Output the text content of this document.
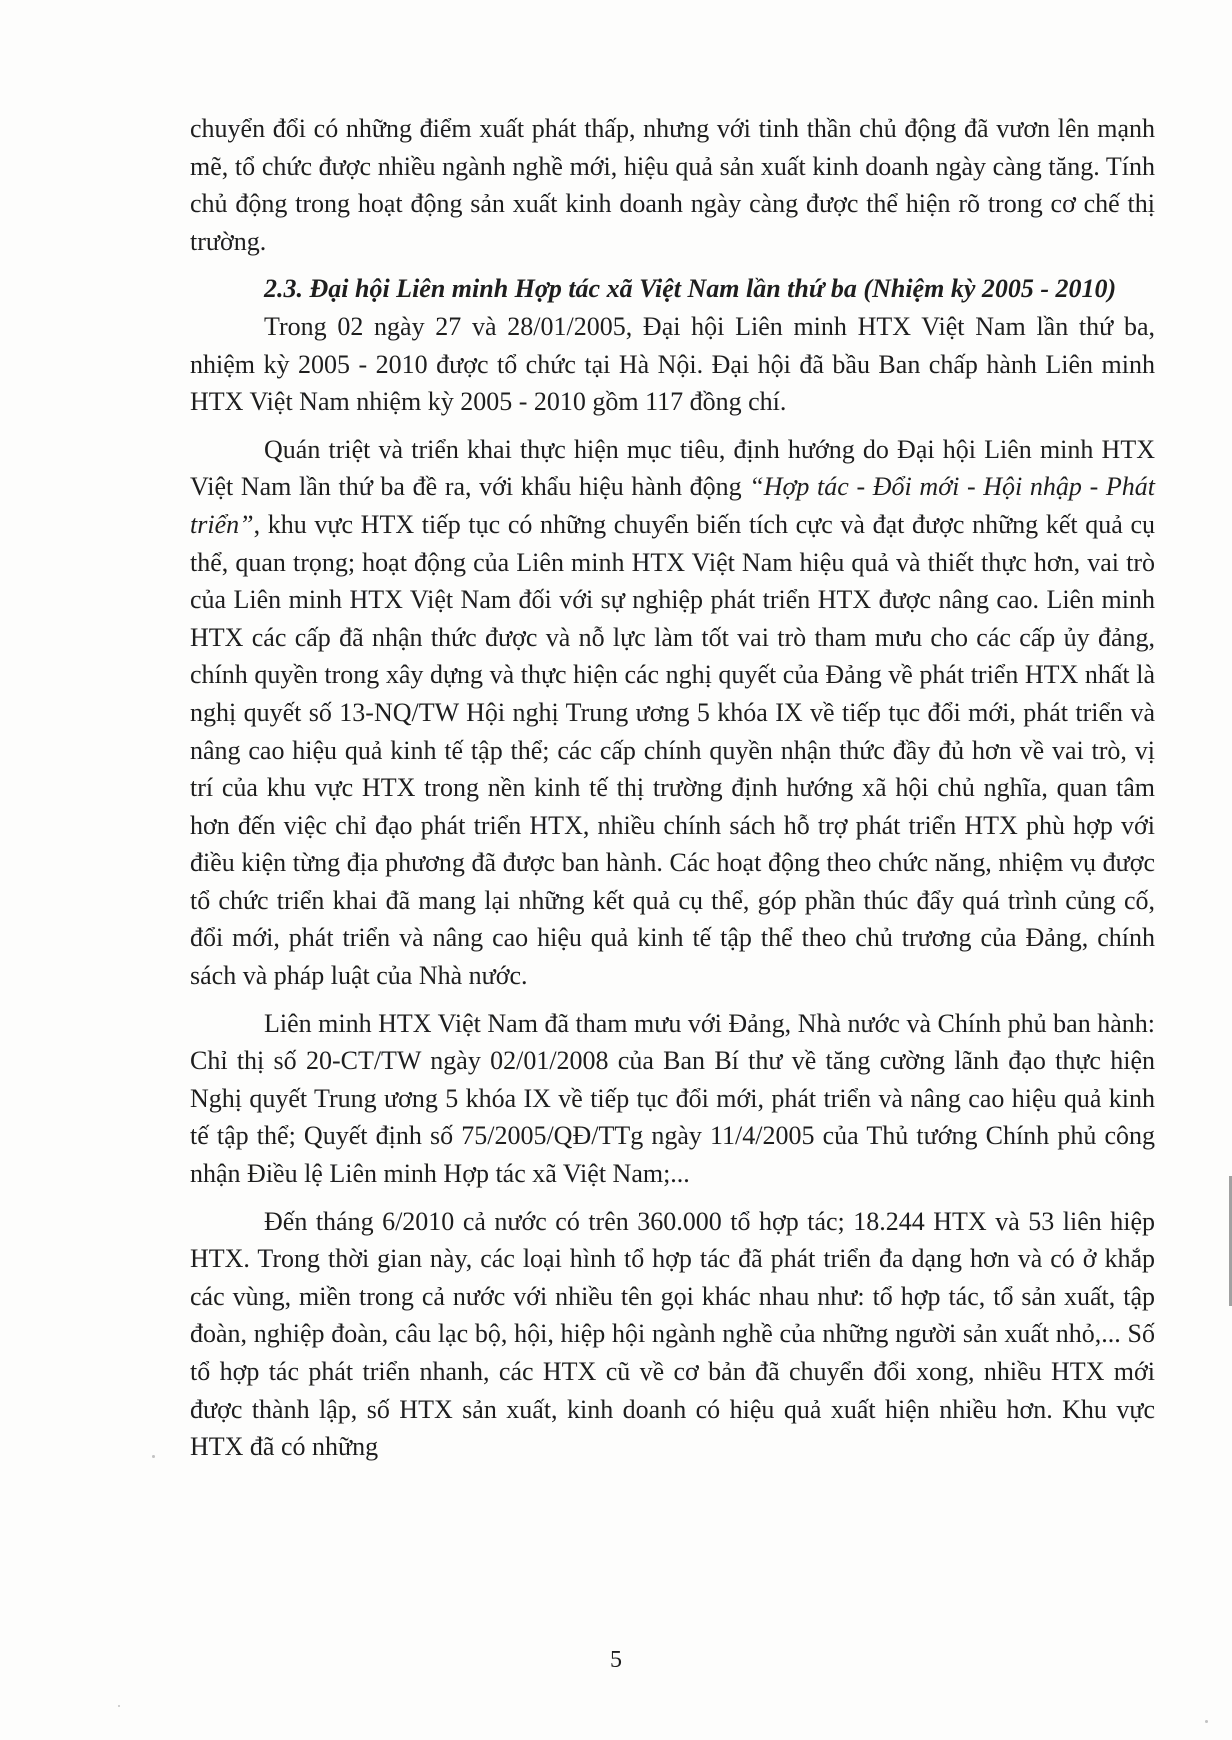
chuyển đổi có những điểm xuất phát thấp, nhưng với tinh thần chủ động đã vươn lên mạnh mẽ, tổ chức được nhiều ngành nghề mới, hiệu quả sản xuất kinh doanh ngày càng tăng. Tính chủ động trong hoạt động sản xuất kinh doanh ngày càng được thể hiện rõ trong cơ chế thị trường.

2.3. Đại hội Liên minh Hợp tác xã Việt Nam lần thứ ba (Nhiệm kỳ 2005 - 2010)

Trong 02 ngày 27 và 28/01/2005, Đại hội Liên minh HTX Việt Nam lần thứ ba, nhiệm kỳ 2005 - 2010 được tổ chức tại Hà Nội. Đại hội đã bầu Ban chấp hành Liên minh HTX Việt Nam nhiệm kỳ 2005 - 2010 gồm 117 đồng chí.

Quán triệt và triển khai thực hiện mục tiêu, định hướng do Đại hội Liên minh HTX Việt Nam lần thứ ba đề ra, với khẩu hiệu hành động “Hợp tác - Đổi mới - Hội nhập - Phát triển”, khu vực HTX tiếp tục có những chuyển biến tích cực và đạt được những kết quả cụ thể, quan trọng; hoạt động của Liên minh HTX Việt Nam hiệu quả và thiết thực hơn, vai trò của Liên minh HTX Việt Nam đối với sự nghiệp phát triển HTX được nâng cao. Liên minh HTX các cấp đã nhận thức được và nỗ lực làm tốt vai trò tham mưu cho các cấp ủy đảng, chính quyền trong xây dựng và thực hiện các nghị quyết của Đảng về phát triển HTX nhất là nghị quyết số 13-NQ/TW Hội nghị Trung ương 5 khóa IX về tiếp tục đổi mới, phát triển và nâng cao hiệu quả kinh tế tập thể; các cấp chính quyền nhận thức đầy đủ hơn về vai trò, vị trí của khu vực HTX trong nền kinh tế thị trường định hướng xã hội chủ nghĩa, quan tâm hơn đến việc chỉ đạo phát triển HTX, nhiều chính sách hỗ trợ phát triển HTX phù hợp với điều kiện từng địa phương đã được ban hành. Các hoạt động theo chức năng, nhiệm vụ được tổ chức triển khai đã mang lại những kết quả cụ thể, góp phần thúc đẩy quá trình củng cố, đổi mới, phát triển và nâng cao hiệu quả kinh tế tập thể theo chủ trương của Đảng, chính sách và pháp luật của Nhà nước.

Liên minh HTX Việt Nam đã tham mưu với Đảng, Nhà nước và Chính phủ ban hành: Chỉ thị số 20-CT/TW ngày 02/01/2008 của Ban Bí thư về tăng cường lãnh đạo thực hiện Nghị quyết Trung ương 5 khóa IX về tiếp tục đổi mới, phát triển và nâng cao hiệu quả kinh tế tập thể; Quyết định số 75/2005/QĐ/TTg ngày 11/4/2005 của Thủ tướng Chính phủ công nhận Điều lệ Liên minh Hợp tác xã Việt Nam;...

Đến tháng 6/2010 cả nước có trên 360.000 tổ hợp tác; 18.244 HTX và 53 liên hiệp HTX. Trong thời gian này, các loại hình tổ hợp tác đã phát triển đa dạng hơn và có ở khắp các vùng, miền trong cả nước với nhiều tên gọi khác nhau như: tổ hợp tác, tổ sản xuất, tập đoàn, nghiệp đoàn, câu lạc bộ, hội, hiệp hội ngành nghề của những người sản xuất nhỏ,... Số tổ hợp tác phát triển nhanh, các HTX cũ về cơ bản đã chuyển đổi xong, nhiều HTX mới được thành lập, số HTX sản xuất, kinh doanh có hiệu quả xuất hiện nhiều hơn. Khu vực HTX đã có những

5
